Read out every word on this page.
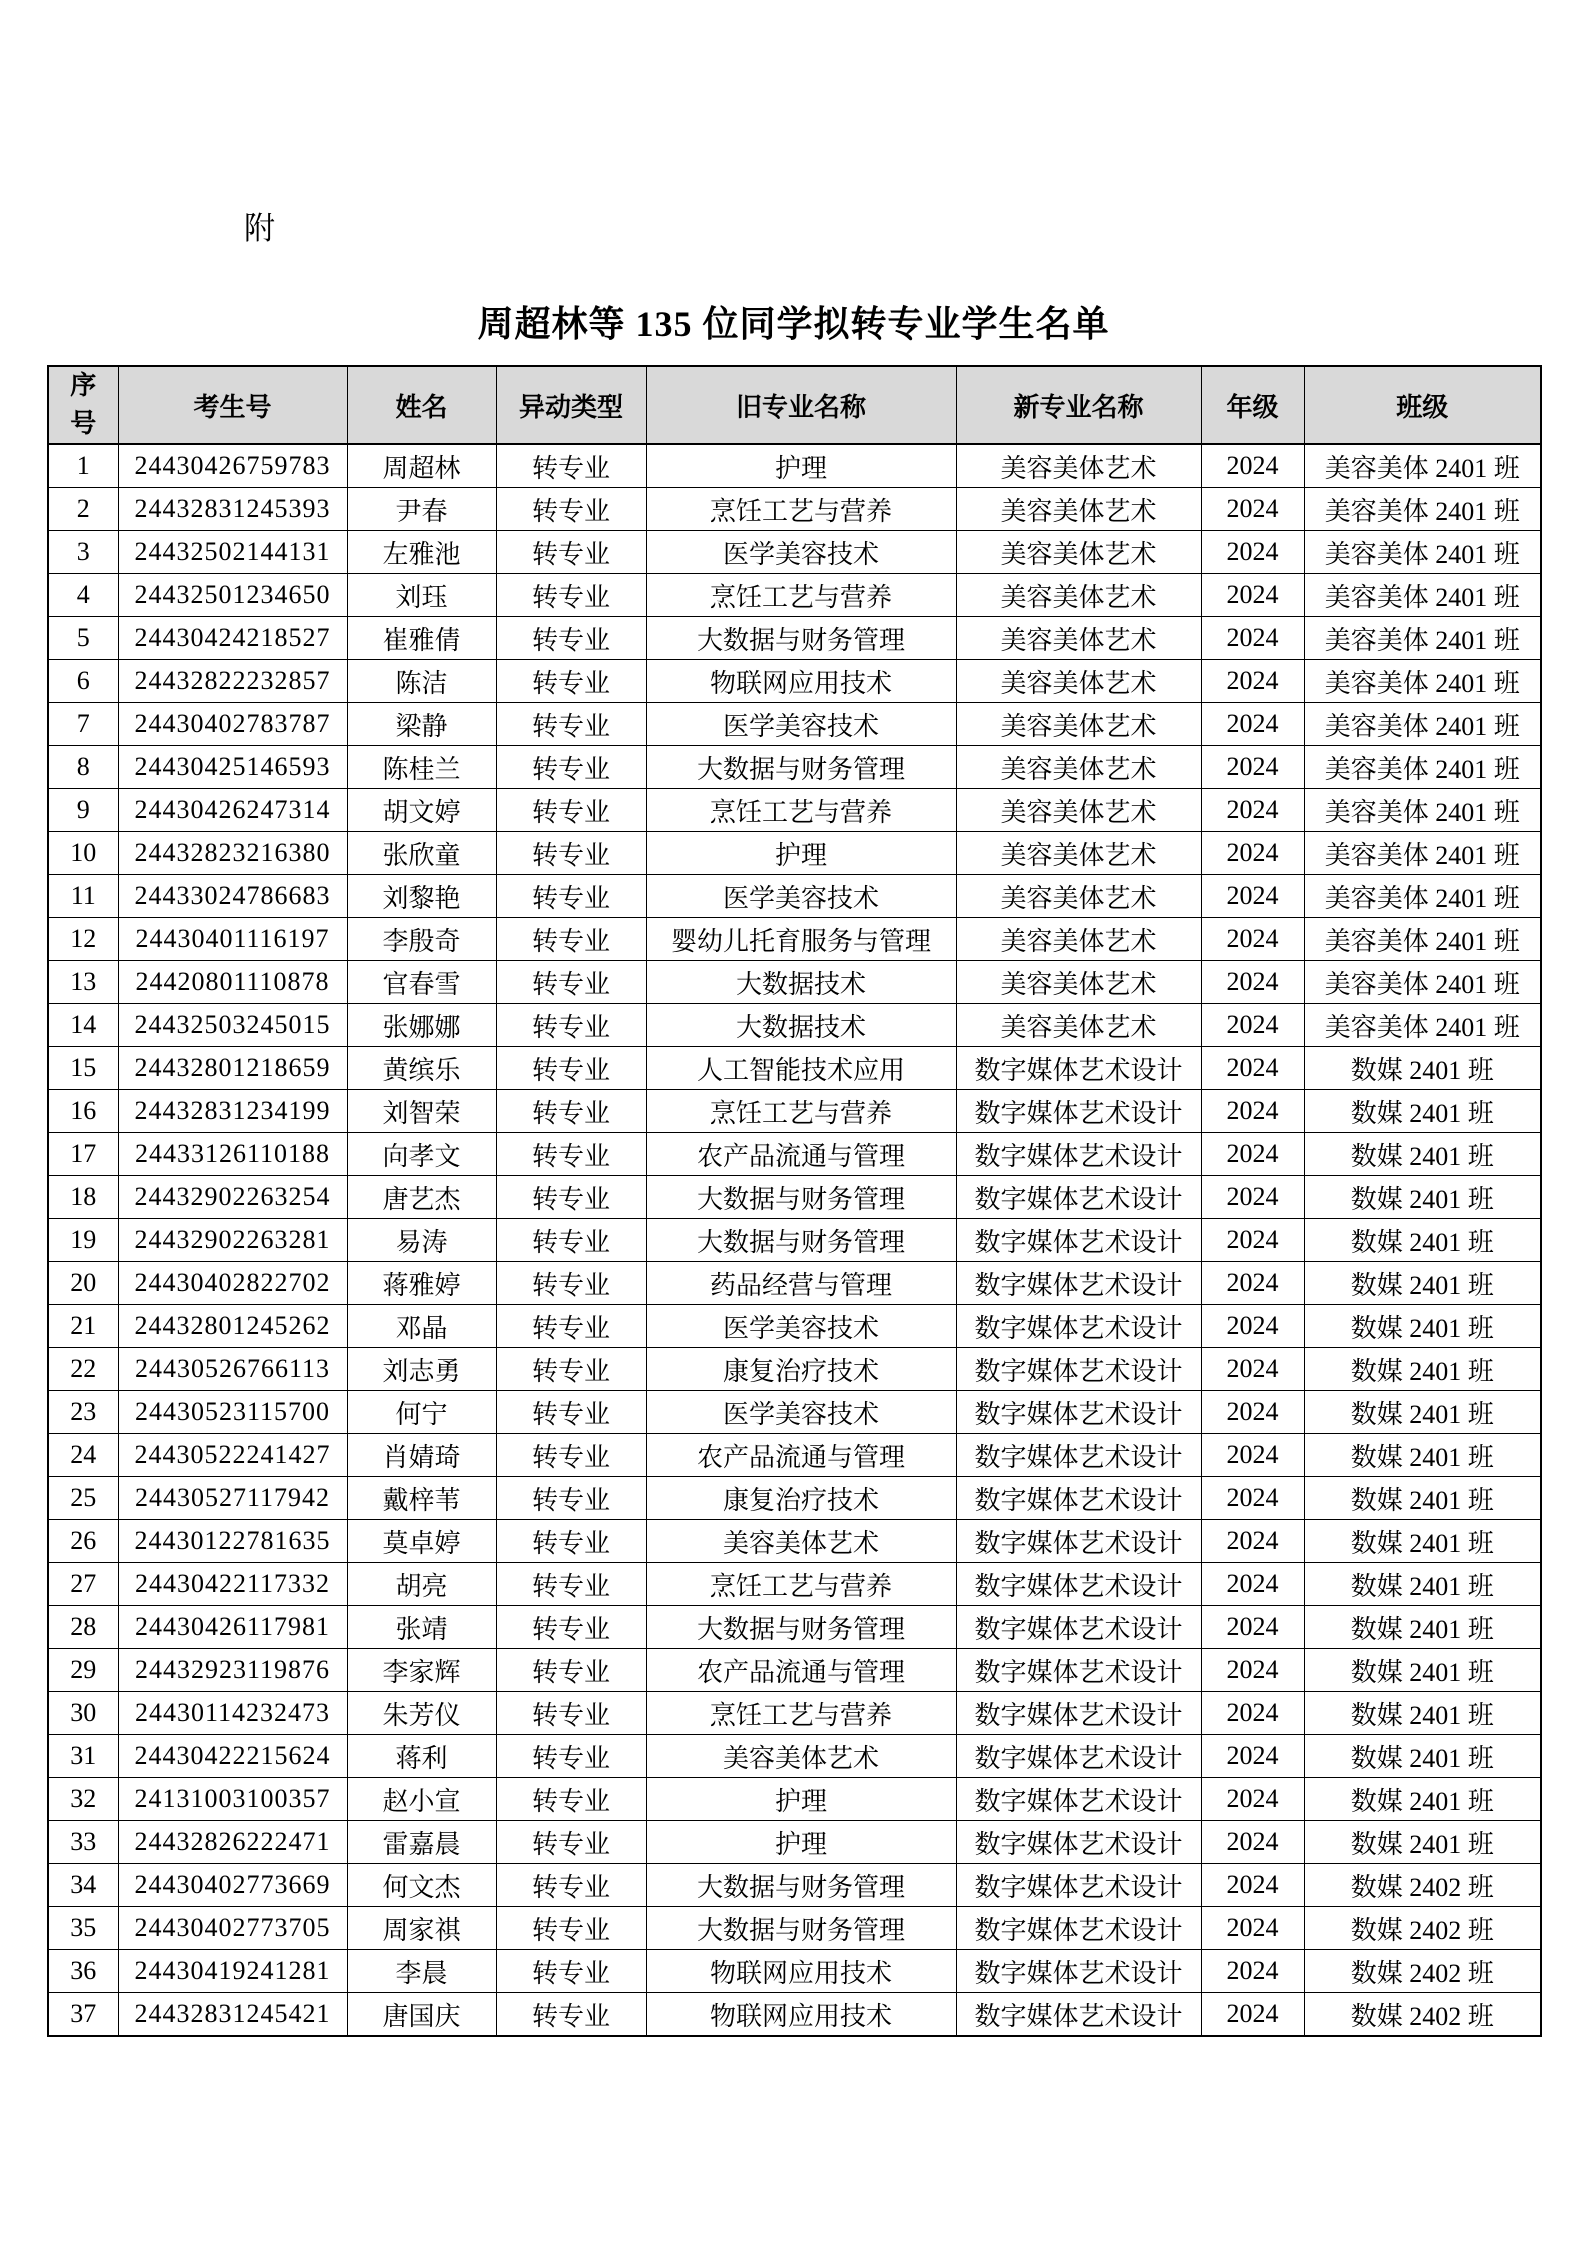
附
周超林等 135 位同学拟转专业学生名单
序号	考生号	姓名	异动类型	旧专业名称	新专业名称	年级	班级
1	24430426759783	周超林	转专业	护理	美容美体艺术	2024	美容美体 2401 班
2	24432831245393	尹春	转专业	烹饪工艺与营养	美容美体艺术	2024	美容美体 2401 班
3	24432502144131	左雅池	转专业	医学美容技术	美容美体艺术	2024	美容美体 2401 班
4	24432501234650	刘珏	转专业	烹饪工艺与营养	美容美体艺术	2024	美容美体 2401 班
5	24430424218527	崔雅倩	转专业	大数据与财务管理	美容美体艺术	2024	美容美体 2401 班
6	24432822232857	陈洁	转专业	物联网应用技术	美容美体艺术	2024	美容美体 2401 班
7	24430402783787	梁静	转专业	医学美容技术	美容美体艺术	2024	美容美体 2401 班
8	24430425146593	陈桂兰	转专业	大数据与财务管理	美容美体艺术	2024	美容美体 2401 班
9	24430426247314	胡文婷	转专业	烹饪工艺与营养	美容美体艺术	2024	美容美体 2401 班
10	24432823216380	张欣童	转专业	护理	美容美体艺术	2024	美容美体 2401 班
11	24433024786683	刘黎艳	转专业	医学美容技术	美容美体艺术	2024	美容美体 2401 班
12	24430401116197	李殷奇	转专业	婴幼儿托育服务与管理	美容美体艺术	2024	美容美体 2401 班
13	24420801110878	官春雪	转专业	大数据技术	美容美体艺术	2024	美容美体 2401 班
14	24432503245015	张娜娜	转专业	大数据技术	美容美体艺术	2024	美容美体 2401 班
15	24432801218659	黄缤乐	转专业	人工智能技术应用	数字媒体艺术设计	2024	数媒 2401 班
16	24432831234199	刘智荣	转专业	烹饪工艺与营养	数字媒体艺术设计	2024	数媒 2401 班
17	24433126110188	向孝文	转专业	农产品流通与管理	数字媒体艺术设计	2024	数媒 2401 班
18	24432902263254	唐艺杰	转专业	大数据与财务管理	数字媒体艺术设计	2024	数媒 2401 班
19	24432902263281	易涛	转专业	大数据与财务管理	数字媒体艺术设计	2024	数媒 2401 班
20	24430402822702	蒋雅婷	转专业	药品经营与管理	数字媒体艺术设计	2024	数媒 2401 班
21	24432801245262	邓晶	转专业	医学美容技术	数字媒体艺术设计	2024	数媒 2401 班
22	24430526766113	刘志勇	转专业	康复治疗技术	数字媒体艺术设计	2024	数媒 2401 班
23	24430523115700	何宁	转专业	医学美容技术	数字媒体艺术设计	2024	数媒 2401 班
24	24430522241427	肖婧琦	转专业	农产品流通与管理	数字媒体艺术设计	2024	数媒 2401 班
25	24430527117942	戴梓苇	转专业	康复治疗技术	数字媒体艺术设计	2024	数媒 2401 班
26	24430122781635	莫卓婷	转专业	美容美体艺术	数字媒体艺术设计	2024	数媒 2401 班
27	24430422117332	胡亮	转专业	烹饪工艺与营养	数字媒体艺术设计	2024	数媒 2401 班
28	24430426117981	张靖	转专业	大数据与财务管理	数字媒体艺术设计	2024	数媒 2401 班
29	24432923119876	李家辉	转专业	农产品流通与管理	数字媒体艺术设计	2024	数媒 2401 班
30	24430114232473	朱芳仪	转专业	烹饪工艺与营养	数字媒体艺术设计	2024	数媒 2401 班
31	24430422215624	蒋利	转专业	美容美体艺术	数字媒体艺术设计	2024	数媒 2401 班
32	24131003100357	赵小宣	转专业	护理	数字媒体艺术设计	2024	数媒 2401 班
33	24432826222471	雷嘉晨	转专业	护理	数字媒体艺术设计	2024	数媒 2401 班
34	24430402773669	何文杰	转专业	大数据与财务管理	数字媒体艺术设计	2024	数媒 2402 班
35	24430402773705	周家祺	转专业	大数据与财务管理	数字媒体艺术设计	2024	数媒 2402 班
36	24430419241281	李晨	转专业	物联网应用技术	数字媒体艺术设计	2024	数媒 2402 班
37	24432831245421	唐国庆	转专业	物联网应用技术	数字媒体艺术设计	2024	数媒 2402 班
